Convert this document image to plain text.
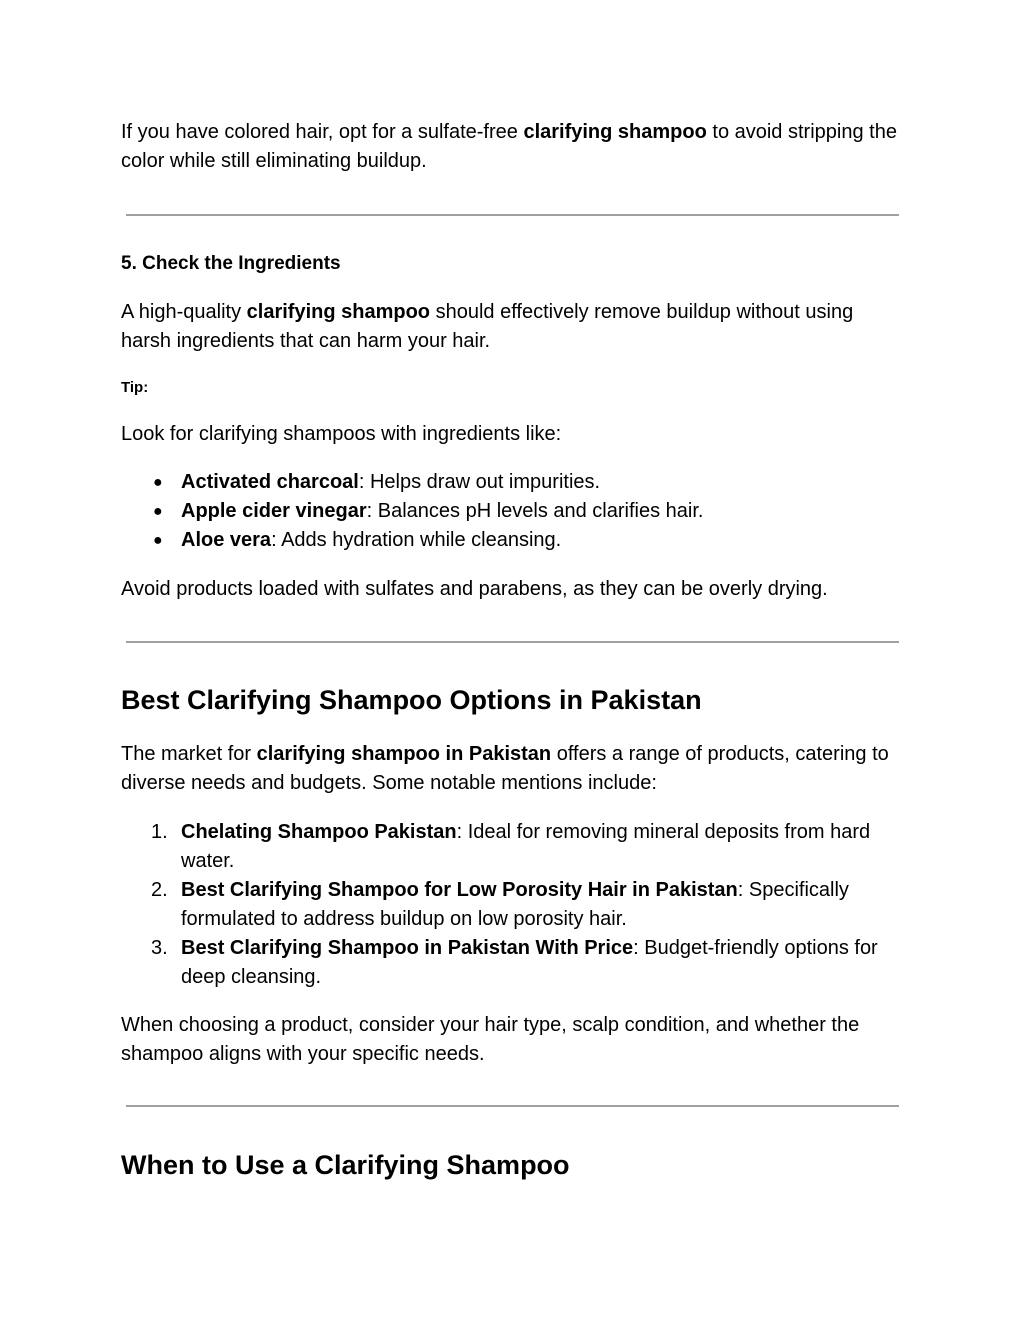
If you have colored hair, opt for a sulfate-free clarifying shampoo to avoid stripping the color while still eliminating buildup.

5. Check the Ingredients

A high-quality clarifying shampoo should effectively remove buildup without using harsh ingredients that can harm your hair.

Tip:

Look for clarifying shampoos with ingredients like:

● Activated charcoal: Helps draw out impurities.
● Apple cider vinegar: Balances pH levels and clarifies hair.
● Aloe vera: Adds hydration while cleansing.

Avoid products loaded with sulfates and parabens, as they can be overly drying.

Best Clarifying Shampoo Options in Pakistan

The market for clarifying shampoo in Pakistan offers a range of products, catering to diverse needs and budgets. Some notable mentions include:

1. Chelating Shampoo Pakistan: Ideal for removing mineral deposits from hard water.
2. Best Clarifying Shampoo for Low Porosity Hair in Pakistan: Specifically formulated to address buildup on low porosity hair.
3. Best Clarifying Shampoo in Pakistan With Price: Budget-friendly options for deep cleansing.

When choosing a product, consider your hair type, scalp condition, and whether the shampoo aligns with your specific needs.

When to Use a Clarifying Shampoo
